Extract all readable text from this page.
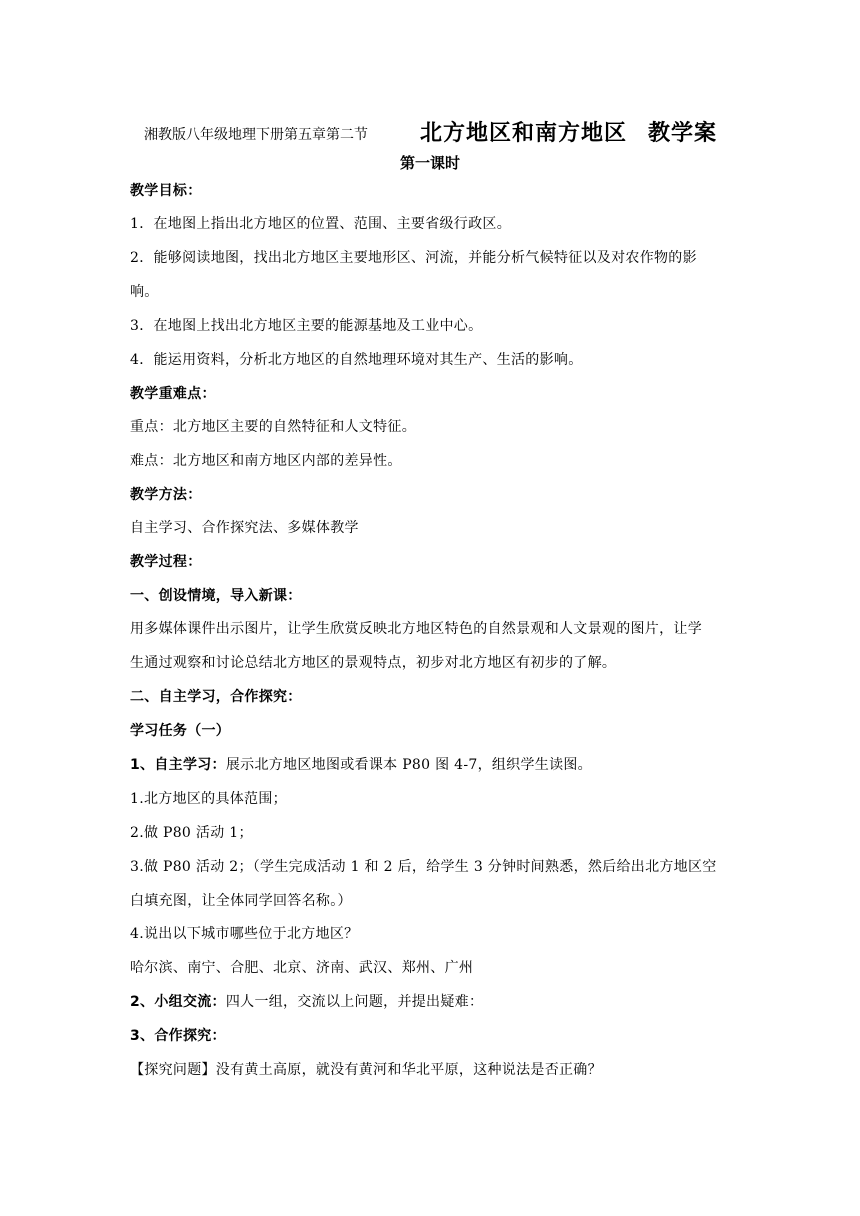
湘教版八年级地理下册第五章第二节 北方地区和南方地区 教学案
第一课时
教学目标：
1．在地图上指出北方地区的位置、范围、主要省级行政区。
2．能够阅读地图，找出北方地区主要地形区、河流，并能分析气候特征以及对农作物的影
响。
3．在地图上找出北方地区主要的能源基地及工业中心。
4．能运用资料，分析北方地区的自然地理环境对其生产、生活的影响。
教学重难点：
重点：北方地区主要的自然特征和人文特征。
难点：北方地区和南方地区内部的差异性。
教学方法：
自主学习、合作探究法、多媒体教学
教学过程：
一、创设情境，导入新课：
用多媒体课件出示图片，让学生欣赏反映北方地区特色的自然景观和人文景观的图片，让学
生通过观察和讨论总结北方地区的景观特点，初步对北方地区有初步的了解。
二、自主学习，合作探究：
学习任务（一）
1、自主学习：展示北方地区地图或看课本 P80 图 4-7，组织学生读图。
1.北方地区的具体范围；
2.做 P80 活动 1；
3.做 P80 活动 2；（学生完成活动 1 和 2 后，给学生 3 分钟时间熟悉，然后给出北方地区空
白填充图，让全体同学回答名称。）
4.说出以下城市哪些位于北方地区？
哈尔滨、南宁、合肥、北京、济南、武汉、郑州、广州
2、小组交流：四人一组，交流以上问题，并提出疑难：
3、合作探究：
【探究问题】没有黄土高原，就没有黄河和华北平原，这种说法是否正确？
